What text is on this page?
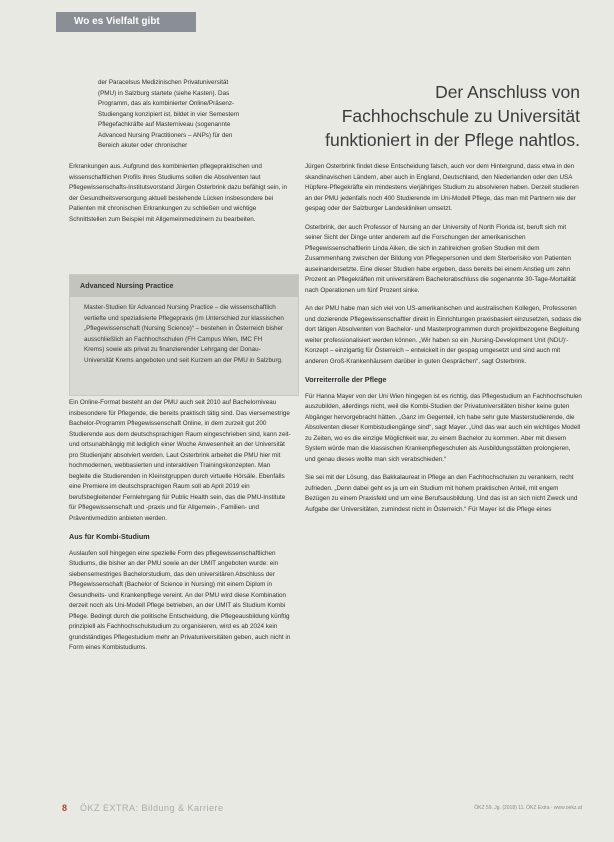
Wo es Vielfalt gibt
Der Anschluss von
Fachhochschule zu Universität
funktioniert in der Pflege nahtlos.

der Paracelsus Medizinischen Privatuniversität (PMU) in Salzburg startete (siehe Kasten). Das Programm, das als kombinierter Online/Präsenz-Studiengang konzipiert ist, bildet in vier Semestern Pflegefachkräfte auf Masterniveau (sogenannte Advanced Nursing Practitioners – ANPs) für den Bereich akuter oder chronischer

Erkrankungen aus. Aufgrund des kombinierten pflegepraktischen und wissenschaftlichen Profils ihres Studiums sollen die Absolventen laut Pflegewissenschafts-Institutsvorstand Jürgen Osterbrink dazu befähigt sein, in der Gesundheitsversorgung aktuell bestehende Lücken insbesondere bei Patienten mit chronischen Erkrankungen zu schließen und wichtige Schnittstellen zum Beispiel mit Allgemeinmedizinern zu bearbeiten.

Advanced Nursing Practice
Master-Studien für Advanced Nursing Practice – die wissenschaftlich vertiefte und spezialisierte Pflegepraxis (im Unterschied zur klassischen „Pflegewissenschaft (Nursing Science)“ – bestehen in Österreich bisher ausschließlich an Fachhochschulen (FH Campus Wien, IMC FH Krems) sowie als privat zu finanzierender Lehrgang der Donau-Universität Krems angeboten und seit Kurzem an der PMU in Salzburg.

Ein Online-Format besteht an der PMU auch seit 2010 auf Bachelorniveau insbesondere für Pflegende, die bereits praktisch tätig sind. Das viersemestrige Bachelor-Programm Pflegewissenschaft Online, in dem zurzeit gut 200 Studierende aus dem deutschsprachigen Raum eingeschrieben sind, kann zeit- und ortsunabhängig mit lediglich einer Woche Anwesenheit an der Universität pro Studienjahr absolviert werden. Laut Osterbrink arbeitet die PMU hier mit hochmodernen, webbasierten und interaktiven Trainingskonzepten. Man begleite die Studierenden in Kleinstgruppen durch virtuelle Hörsäle. Ebenfalls eine Premiere im deutschsprachigen Raum soll ab April 2019 ein berufsbegleitender Fernlehrgang für Public Health sein, das die PMU-Institute für Pflegewissenschaft und -praxis und für Allgemein-, Familien- und Präventivmedizin anbieten werden.

Aus für Kombi-Studium

Auslaufen soll hingegen eine spezielle Form des pflegewissenschaftlichen Studiums, die bisher an der PMU sowie an der UMIT angeboten wurde: ein siebensemestriges Bachelorstudium, das den universitären Abschluss der Pflegewissenschaft (Bachelor of Science in Nursing) mit einem Diplom in Gesundheits- und Krankenpflege vereint. An der PMU wird diese Kombination derzeit noch als Uni-Modell Pflege betrieben, an der UMIT als Studium Kombi Pflege. Bedingt durch die politische Entscheidung, die Pflegeausbildung künftig prinzipiell als Fachhochschulstudium zu organisieren, wird es ab 2024 kein grundständiges Pflegestudium mehr an Privatuniversitäten geben, auch nicht in Form eines Kombistudiums.

Jürgen Osterbrink findet diese Entscheidung falsch, auch vor dem Hintergrund, dass etwa in den skandinavischen Ländern, aber auch in England, Deutschland, den Niederlanden oder den USA Hüpfere-Pflegekräfte ein mindestens vierjähriges Studium zu absolvieren haben. Derzeit studieren an der PMU jedenfalls noch 400 Studierende im Uni-Modell Pflege, das man mit Partnern wie der gespag oder der Salzburger Landeskliniken umsetzt.

Osterbrink, der auch Professor of Nursing an der University of North Florida ist, beruft sich mit seiner Sicht der Dinge unter anderem auf die Forschungen der amerikanischen Pflegewissenschaftlerin Linda Aiken, die sich in zahlreichen großen Studien mit dem Zusammenhang zwischen der Bildung von Pflegepersonen und dem Sterberisiko von Patienten auseinandersetzte. Eine dieser Studien habe ergeben, dass bereits bei einem Anstieg um zehn Prozent an Pflegekräften mit universitärem Bachelorabschluss die sogenannte 30-Tage-Mortalität nach Operationen um fünf Prozent sinke.

An der PMU habe man sich viel von US-amerikanischen und australischen Kollegen, Professoren und dozierende Pflegewissenschaftler direkt in Einrichtungen praxisbasiert einzusetzen, sodass die dort tätigen Absolventen von Bachelor- und Masterprogrammen durch projektbezogene Begleitung weiter professionalisiert werden können. „Wir haben so ein ‚Nursing-Development Unit (NDU)‘-Konzept – einzigartig für Österreich – entwickelt in der gespag umgesetzt und sind auch mit anderen Groß-Krankenhäusern darüber in guten Gesprächen“, sagt Osterbrink.

Vorreiterrolle der Pflege

Für Hanna Mayer von der Uni Wien hingegen ist es richtig, das Pflegestudium an Fachhochschulen auszubilden, allerdings nicht, weil die Kombi-Studien der Privatuniversitäten bisher keine guten Abgänger hervorgebracht hätten. „Ganz im Gegenteil, ich habe sehr gute Masterstudierende, die Absolventen dieser Kombistudiengänge sind“, sagt Mayer. „Und das war auch ein wichtiges Modell zu Zeiten, wo es die einzige Möglichkeit war, zu einem Bachelor zu kommen. Aber mit diesem System würde man die klassischen Krankenpflegeschulen als Ausbildungsstätten prolongieren, und genau dieses wollte man sich verabschieden.“

Sie sei mit der Lösung, das Bakkalaureat in Pflege an den Fachhochschulen zu verankern, recht zufrieden. „Denn dabei geht es ja um ein Studium mit hohem praktischen Anteil, mit engem Bezügen zu einem Praxisfeld und um eine Berufsausbildung. Und das ist an sich nicht Zweck und Aufgabe der Universitäten, zumindest nicht in Österreich.“ Für Mayer ist die Pflege eines

8 ÖKZ EXTRA: Bildung & Karriere	ÖKZ 59. Jg. (2018) 11. ÖKZ Extra · www.oekz.at
